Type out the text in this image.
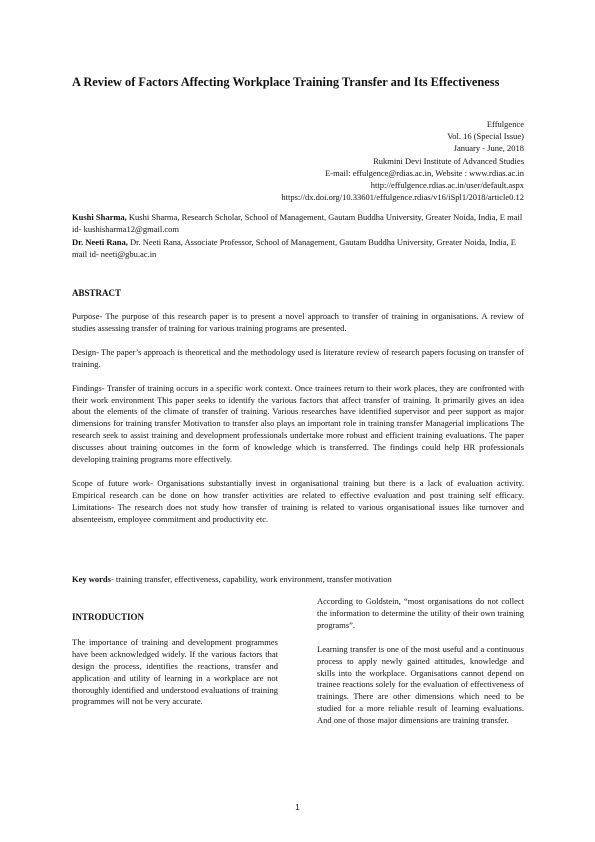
A Review of Factors Affecting Workplace Training Transfer and Its Effectiveness
Effulgence
Vol. 16 (Special Issue)
January - June, 2018
Rukmini Devi Institute of Advanced Studies
E-mail: effulgence@rdias.ac.in, Website : www.rdias.ac.in
http://effulgence.rdias.ac.in/user/default.aspx
https://dx.doi.org/10.33601/effulgence.rdias/v16/iSpl1/2018/article0.12

Kushi Sharma, Kushi Sharma, Research Scholar, School of Management, Gautam Buddha University, Greater Noida, India, E mail id- kushisharma12@gmail.com

Dr. Neeti Rana, Dr. Neeti Rana, Associate Professor, School of Management, Gautam Buddha University, Greater Noida, India, E mail id- neeti@gbu.ac.in

ABSTRACT

Purpose- The purpose of this research paper is to present a novel approach to transfer of training in organisations. A review of studies assessing transfer of training for various training programs are presented.

Design- The paper’s approach is theoretical and the methodology used is literature review of research papers focusing on transfer of training.

Findings- Transfer of training occurs in a specific work context. Once trainees return to their work places, they are confronted with their work environment This paper seeks to identify the various factors that affect transfer of training. It primarily gives an idea about the elements of the climate of transfer of training. Various researches have identified supervisor and peer support as major dimensions for training transfer Motivation to transfer also plays an important role in training transfer Managerial implications The research seek to assist training and development professionals undertake more robust and efficient training evaluations. The paper discusses about training outcomes in the form of knowledge which is transferred. The findings could help HR professionals developing training programs more effectively.

Scope of future work- Organisations substantially invest in organisational training but there is a lack of evaluation activity. Empirical research can be done on how transfer activities are related to effective evaluation and post training self efficacy. Limitations- The research does not study how transfer of training is related to various organisational issues like turnover and absenteeism, employee commitment and productivity etc.

Key words- training transfer, effectiveness, capability, work environment, transfer motivation
INTRODUCTION

The importance of training and development programmes have been acknowledged widely. If the various factors that design the process, identifies the reactions, transfer and application and utility of learning in a workplace are not thoroughly identified and understood evaluations of training programmes will not be very accurate.

According to Goldstein, “most organisations do not collect the information to determine the utility of their own training programs”.

Learning transfer is one of the most useful and a continuous process to apply newly gained attitudes, knowledge and skills into the workplace. Organisations cannot depend on trainee reactions solely for the evaluation of effectiveness of trainings. There are other dimensions which need to be studied for a more reliable result of learning evaluations. And one of those major dimensions are training transfer.

1
